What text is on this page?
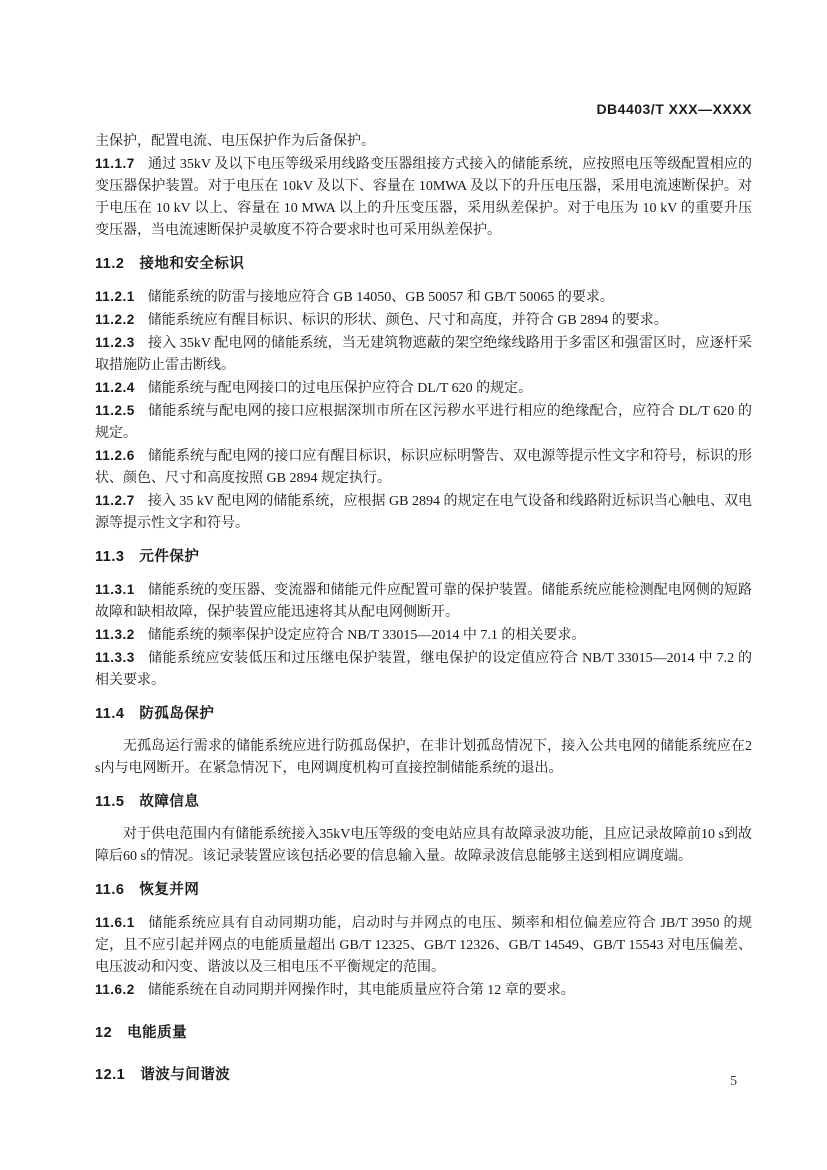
DB4403/T XXX—XXXX

主保护，配置电流、电压保护作为后备保护。

11.1.7 通过 35kV 及以下电压等级采用线路变压器组接方式接入的储能系统，应按照电压等级配置相应的变压器保护装置。对于电压在 10kV 及以下、容量在 10MWA 及以下的升压电压器，采用电流速断保护。对于电压在 10 kV 以上、容量在 10 MWA 以上的升压变压器，采用纵差保护。对于电压为 10 kV 的重要升压变压器，当电流速断保护灵敏度不符合要求时也可采用纵差保护。

11.2 接地和安全标识

11.2.1 储能系统的防雷与接地应符合 GB 14050、GB 50057 和 GB/T 50065 的要求。

11.2.2 储能系统应有醒目标识、标识的形状、颜色、尺寸和高度，并符合 GB 2894 的要求。

11.2.3 接入 35kV 配电网的储能系统，当无建筑物遮蔽的架空绝缘线路用于多雷区和强雷区时，应逐杆采取措施防止雷击断线。

11.2.4 储能系统与配电网接口的过电压保护应符合 DL/T 620 的规定。

11.2.5 储能系统与配电网的接口应根据深圳市所在区污秽水平进行相应的绝缘配合，应符合 DL/T 620 的规定。

11.2.6 储能系统与配电网的接口应有醒目标识，标识应标明警告、双电源等提示性文字和符号，标识的形状、颜色、尺寸和高度按照 GB 2894 规定执行。

11.2.7 接入 35 kV 配电网的储能系统，应根据 GB 2894 的规定在电气设备和线路附近标识当心触电、双电源等提示性文字和符号。

11.3 元件保护

11.3.1 储能系统的变压器、变流器和储能元件应配置可靠的保护装置。储能系统应能检测配电网侧的短路故障和缺相故障，保护装置应能迅速将其从配电网侧断开。

11.3.2 储能系统的频率保护设定应符合 NB/T 33015—2014 中 7.1 的相关要求。

11.3.3 储能系统应安装低压和过压继电保护装置，继电保护的设定值应符合 NB/T 33015—2014 中 7.2 的相关要求。

11.4 防孤岛保护

无孤岛运行需求的储能系统应进行防孤岛保护，在非计划孤岛情况下，接入公共电网的储能系统应在2 s内与电网断开。在紧急情况下，电网调度机构可直接控制储能系统的退出。

11.5 故障信息

对于供电范围内有储能系统接入35kV电压等级的变电站应具有故障录波功能，且应记录故障前10 s到故障后60 s的情况。该记录装置应该包括必要的信息输入量。故障录波信息能够主送到相应调度端。

11.6 恢复并网

11.6.1 储能系统应具有自动同期功能，启动时与并网点的电压、频率和相位偏差应符合 JB/T 3950 的规定，且不应引起并网点的电能质量超出 GB/T 12325、GB/T 12326、GB/T 14549、GB/T 15543 对电压偏差、电压波动和闪变、谐波以及三相电压不平衡规定的范围。

11.6.2 储能系统在自动同期并网操作时，其电能质量应符合第 12 章的要求。

12 电能质量
12.1 谐波与间谐波	5
